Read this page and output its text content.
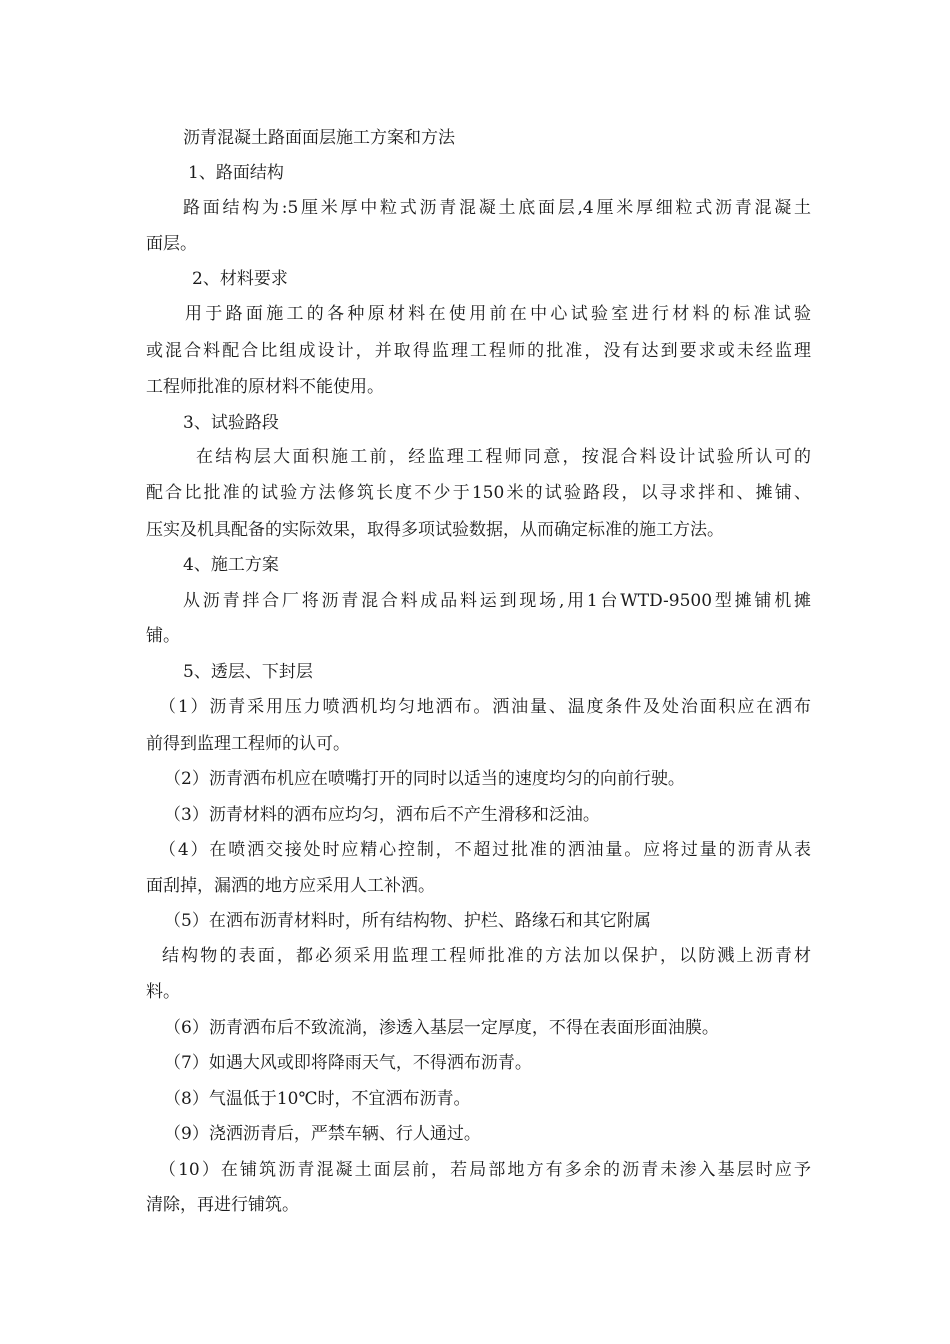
沥青混凝土路面面层施工方案和方法

1、路面结构

路面结构为:5厘米厚中粒式沥青混凝土底面层,4厘米厚细粒式沥青混凝土

面层。

2、材料要求

用于路面施工的各种原材料在使用前在中心试验室进行材料的标准试验

或混合料配合比组成设计，并取得监理工程师的批准，没有达到要求或未经监理

工程师批准的原材料不能使用。

3、试验路段

在结构层大面积施工前，经监理工程师同意，按混合料设计试验所认可的

配合比批准的试验方法修筑长度不少于150米的试验路段，以寻求拌和、摊铺、

压实及机具配备的实际效果，取得多项试验数据，从而确定标准的施工方法。

4、施工方案

从沥青拌合厂将沥青混合料成品料运到现场,用1台WTD-9500型摊铺机摊

铺。

5、透层、下封层

（1）沥青采用压力喷洒机均匀地洒布。洒油量、温度条件及处治面积应在洒布

前得到监理工程师的认可。

（2）沥青洒布机应在喷嘴打开的同时以适当的速度均匀的向前行驶。

（3）沥青材料的洒布应均匀，洒布后不产生滑移和泛油。

（4）在喷洒交接处时应精心控制，不超过批准的洒油量。应将过量的沥青从表

面刮掉，漏洒的地方应采用人工补洒。

（5）在洒布沥青材料时，所有结构物、护栏、路缘石和其它附属

结构物的表面，都必须采用监理工程师批准的方法加以保护，以防溅上沥青材

料。

（6）沥青洒布后不致流淌，渗透入基层一定厚度，不得在表面形面油膜。

（7）如遇大风或即将降雨天气，不得洒布沥青。

（8）气温低于10℃时，不宜洒布沥青。

（9）浇洒沥青后，严禁车辆、行人通过。

（10）在铺筑沥青混凝土面层前，若局部地方有多余的沥青未渗入基层时应予

清除，再进行铺筑。
